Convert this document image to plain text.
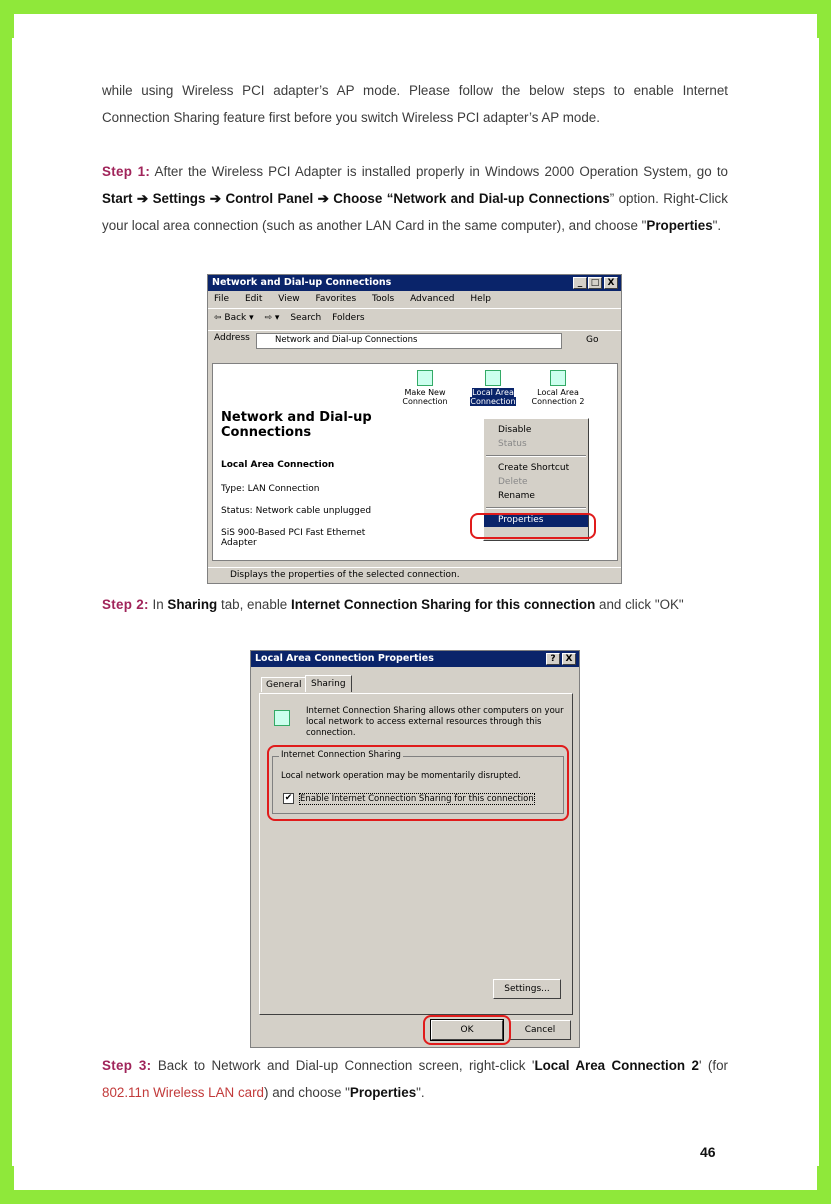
while using Wireless PCI adapter’s AP mode. Please follow the below steps to enable Internet Connection Sharing feature first before you switch Wireless PCI adapter’s AP mode.

Step 1: After the Wireless PCI Adapter is installed properly in Windows 2000 Operation System, go to Start ➔ Settings ➔ Control Panel ➔ Choose “Network and Dial-up Connections” option. Right-Click your local area connection (such as another LAN Card in the same computer), and choose "Properties".

Network and Dial-up Connections	_ □ X
File Edit View Favorites Tools Advanced Help
⇦ Back ▾ ⇨ ▾ Search Folders
Address	Network and Dial-up Connections	Go
Network and Dial-up Connections
Local Area Connection
Type: LAN Connection
Status: Network cable unplugged
SiS 900-Based PCI Fast Ethernet Adapter

Make New Connection

Local Area Connection

Local Area Connection 2
Disable
Status
Create Shortcut
Delete
Rename
Properties
Displays the properties of the selected connection.

Step 2: In Sharing tab, enable Internet Connection Sharing for this connection and click "OK"

Local Area Connection Properties	?	X
General	Sharing
Internet Connection Sharing allows other computers on your local network to access external resources through this connection.
Internet Connection Sharing
Local network operation may be momentarily disrupted.
✔ Enable Internet Connection Sharing for this connection
Settings...
OK	Cancel

Step 3: Back to Network and Dial-up Connection screen, right-click 'Local Area Connection 2' (for 802.11n Wireless LAN card) and choose "Properties".

46
